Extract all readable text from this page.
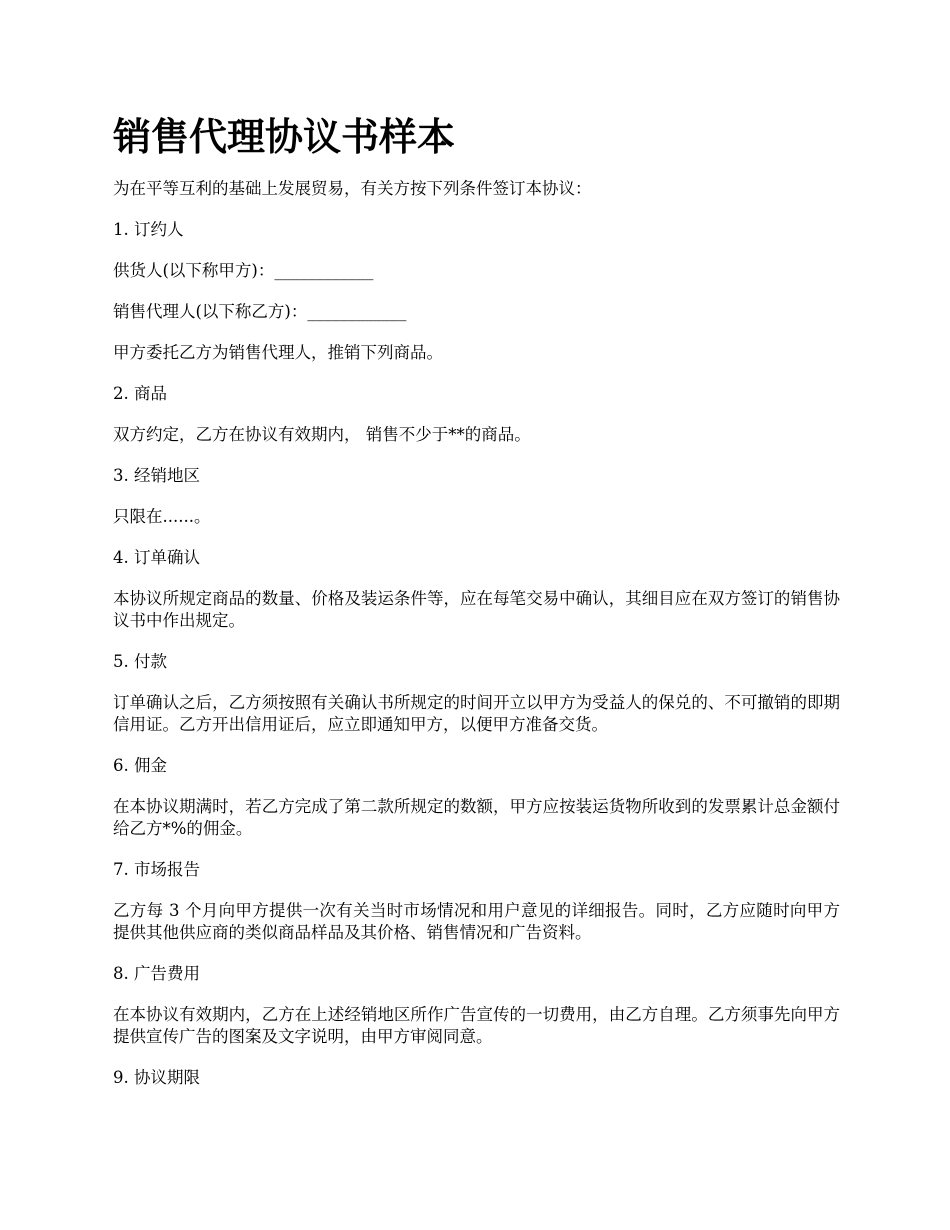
销售代理协议书样本

为在平等互利的基础上发展贸易，有关方按下列条件签订本协议：

1. 订约人

供货人(以下称甲方)：____________

销售代理人(以下称乙方)：____________

甲方委托乙方为销售代理人，推销下列商品。

2. 商品

双方约定，乙方在协议有效期内， 销售不少于**的商品。

3. 经销地区

只限在......。

4. 订单确认

本协议所规定商品的数量、价格及装运条件等，应在每笔交易中确认，其细目应在双方签订的销售协议书中作出规定。

5. 付款

订单确认之后，乙方须按照有关确认书所规定的时间开立以甲方为受益人的保兑的、不可撤销的即期信用证。乙方开出信用证后，应立即通知甲方，以便甲方准备交货。

6. 佣金

在本协议期满时，若乙方完成了第二款所规定的数额，甲方应按装运货物所收到的发票累计总金额付给乙方*%的佣金。

7. 市场报告

乙方每 3 个月向甲方提供一次有关当时市场情况和用户意见的详细报告。同时，乙方应随时向甲方提供其他供应商的类似商品样品及其价格、销售情况和广告资料。

8. 广告费用

在本协议有效期内，乙方在上述经销地区所作广告宣传的一切费用，由乙方自理。乙方须事先向甲方提供宣传广告的图案及文字说明，由甲方审阅同意。

9. 协议期限
